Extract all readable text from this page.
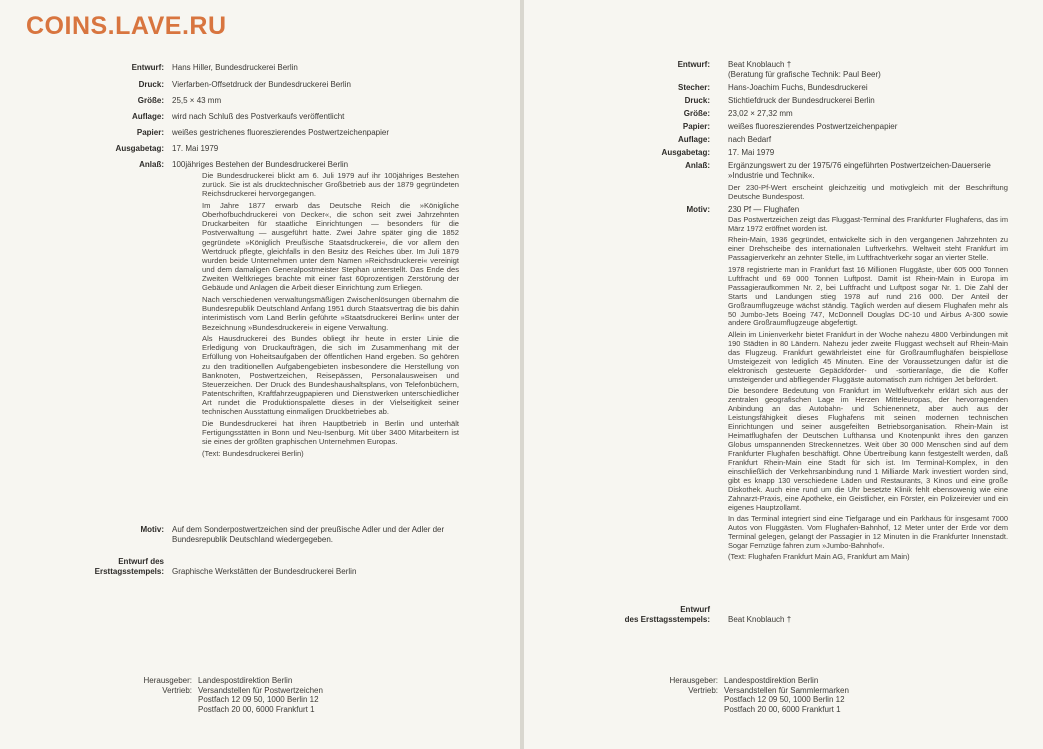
COINS.LAVE.RU
Entwurf: Hans Hiller, Bundesdruckerei Berlin
Druck: Vierfarben-Offsetdruck der Bundesdruckerei Berlin
Größe: 25,5 × 43 mm
Auflage: wird nach Schluß des Postverkaufs veröffentlicht
Papier: weißes gestrichenes fluoreszierendes Postwertzeichenpapier
Ausgabetag: 17. Mai 1979
Anlaß: 100jähriges Bestehen der Bundesdruckerei Berlin

Die Bundesdruckerei blickt am 6. Juli 1979 auf ihr 100jähriges Bestehen zurück. Sie ist als drucktechnischer Großbetrieb aus der 1879 gegründeten Reichsdruckerei hervorgegangen.

Im Jahre 1877 erwarb das Deutsche Reich die »Königliche Oberhofbuchdruckerei von Decker«, die schon seit zwei Jahrzehnten Druckarbeiten für staatliche Einrichtungen — besonders für die Postverwaltung — ausgeführt hatte. Zwei Jahre später ging die 1852 gegründete »Königlich Preußische Staatsdruckerei«, die vor allem den Wertdruck pflegte, gleichfalls in den Besitz des Reiches über. Im Juli 1879 wurden beide Unternehmen unter dem Namen »Reichsdruckerei« vereinigt und dem damaligen Generalpostmeister Stephan unterstellt. Das Ende des Zweiten Weltkrieges brachte mit einer fast 60prozentigen Zerstörung der Gebäude und Anlagen die Arbeit dieser Einrichtung zum Erliegen.

Nach verschiedenen verwaltungsmäßigen Zwischenlösungen übernahm die Bundesrepublik Deutschland Anfang 1951 durch Staatsvertrag die bis dahin interimistisch vom Land Berlin geführte »Staatsdruckerei Berlin« unter der Bezeichnung »Bundesdruckerei« in eigene Verwaltung.

Als Hausdruckerei des Bundes obliegt ihr heute in erster Linie die Erledigung von Druckaufträgen, die sich im Zusammenhang mit der Erfüllung von Hoheitsaufgaben der öffentlichen Hand ergeben. So gehören zu den traditionellen Aufgabengebieten insbesondere die Herstellung von Banknoten, Postwertzeichen, Reisepässen, Personalausweisen und Steuerzeichen. Der Druck des Bundeshaushaltsplans, von Telefonbüchern, Patentschriften, Kraftfahrzeugpapieren und Dienstwerken unterschiedlicher Art rundet die Produktionspalette dieses in der Vielseitigkeit seiner technischen Ausstattung einmaligen Druckbetriebes ab.

Die Bundesdruckerei hat ihren Hauptbetrieb in Berlin und unterhält Fertigungsstätten in Bonn und Neu-Isenburg. Mit über 3400 Mitarbeitern ist sie eines der größten graphischen Unternehmen Europas.

(Text: Bundesdruckerei Berlin)

Motiv: Auf dem Sonderpostwertzeichen sind der preußische Adler und der Adler der Bundesrepublik Deutschland wiedergegeben.
Entwurf des
Ersttagsstempels: Graphische Werkstätten der Bundesdruckerei Berlin
Herausgeber: Landespostdirektion Berlin
Vertrieb: Versandstellen für Postwertzeichen
Postfach 12 09 50, 1000 Berlin 12
Postfach 20 00, 6000 Frankfurt 1
Entwurf: Beat Knoblauch †
(Beratung für grafische Technik: Paul Beer)
Stecher: Hans-Joachim Fuchs, Bundesdruckerei
Druck: Stichtiefdruck der Bundesdruckerei Berlin
Größe: 23,02 × 27,32 mm
Papier: weißes fluoreszierendes Postwertzeichenpapier
Auflage: nach Bedarf
Ausgabetag: 17. Mai 1979
Anlaß: Ergänzungswert zu der 1975/76 eingeführten Postwertzeichen-Dauerserie »Industrie und Technik«.

Der 230-Pf-Wert erscheint gleichzeitig und motivgleich mit der Beschriftung Deutsche Bundespost.

Motiv: 230 Pf — Flughafen

Das Postwertzeichen zeigt das Fluggast-Terminal des Frankfurter Flughafens, das im März 1972 eröffnet worden ist.

Rhein-Main, 1936 gegründet, entwickelte sich in den vergangenen Jahrzehnten zu einer Drehscheibe des internationalen Luftverkehrs. Weltweit steht Frankfurt im Passagierverkehr an zehnter Stelle, im Luftfrachtverkehr sogar an vierter Stelle.

1978 registrierte man in Frankfurt fast 16 Millionen Fluggäste, über 605 000 Tonnen Luftfracht und 69 000 Tonnen Luftpost. Damit ist Rhein-Main in Europa im Passagieraufkommen Nr. 2, bei Luftfracht und Luftpost sogar Nr. 1. Die Zahl der Starts und Landungen stieg 1978 auf rund 216 000. Der Anteil der Großraumflugzeuge wächst ständig. Täglich werden auf diesem Flughafen mehr als 50 Jumbo-Jets Boeing 747, McDonnell Douglas DC-10 und Airbus A-300 sowie andere Großraumflugzeuge abgefertigt.

Allein im Linienverkehr bietet Frankfurt in der Woche nahezu 4800 Verbindungen mit 190 Städten in 80 Ländern. Nahezu jeder zweite Fluggast wechselt auf Rhein-Main das Flugzeug. Frankfurt gewährleistet eine für Großraumflughäfen beispiellose Umsteigezeit von lediglich 45 Minuten. Eine der Voraussetzungen dafür ist die elektronisch gesteuerte Gepäckförder- und -sortieranlage, die die Koffer umsteigender und abfliegender Fluggäste automatisch zum richtigen Jet befördert.

Die besondere Bedeutung von Frankfurt im Weltluftverkehr erklärt sich aus der zentralen geografischen Lage im Herzen Mitteleuropas, der hervorragenden Anbindung an das Autobahn- und Schienennetz, aber auch aus der Leistungsfähigkeit dieses Flughafens mit seinen modernen technischen Einrichtungen und seiner ausgefeilten Betriebsorganisation. Rhein-Main ist Heimatflughafen der Deutschen Lufthansa und Knotenpunkt ihres den ganzen Globus umspannenden Streckennetzes. Weit über 30 000 Menschen sind auf dem Frankfurter Flughafen beschäftigt. Ohne Übertreibung kann festgestellt werden, daß Frankfurt Rhein-Main eine Stadt für sich ist. Im Terminal-Komplex, in den einschließlich der Verkehrsanbindung rund 1 Milliarde Mark investiert worden sind, gibt es knapp 130 verschiedene Läden und Restaurants, 3 Kinos und eine große Diskothek. Auch eine rund um die Uhr besetzte Klinik fehlt ebensowenig wie eine Zahnarzt-Praxis, eine Apotheke, ein Geistlicher, ein Förster, ein Polizeirevier und ein eigenes Hauptzollamt.

In das Terminal integriert sind eine Tiefgarage und ein Parkhaus für insgesamt 7000 Autos von Fluggästen. Vom Flughafen-Bahnhof, 12 Meter unter der Erde vor dem Terminal gelegen, gelangt der Passagier in 12 Minuten in die Frankfurter Innenstadt. Sogar Fernzüge fahren zum »Jumbo-Bahnhof«.

(Text: Flughafen Frankfurt Main AG, Frankfurt am Main)

Entwurf
des Ersttagsstempels: Beat Knoblauch †
Herausgeber: Landespostdirektion Berlin
Vertrieb: Versandstellen für Sammlermarken
Postfach 12 09 50, 1000 Berlin 12
Postfach 20 00, 6000 Frankfurt 1
